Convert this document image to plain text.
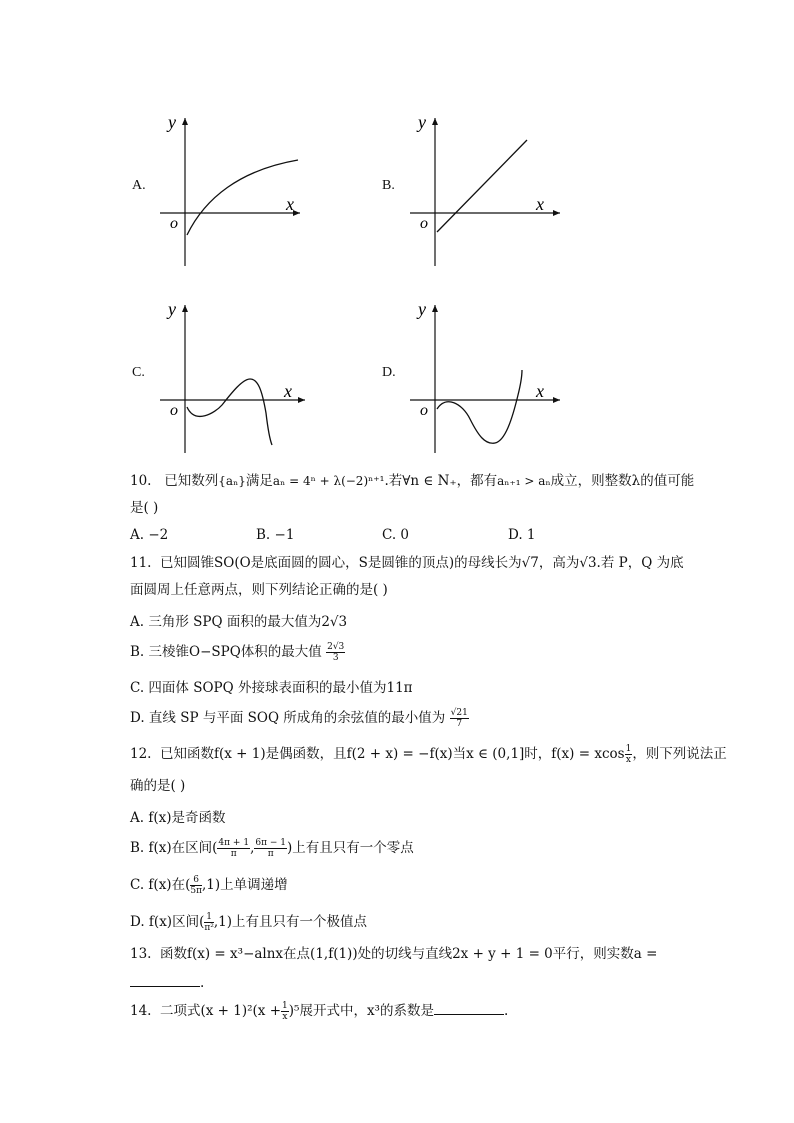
A.
y
x
o
B.
y
x
o
C.
y
x
o
D.
y
x
o
10. 已知数列{aₙ}满足aₙ = 4ⁿ + λ(−2)ⁿ⁺¹.若∀n ∈ N₊，都有aₙ₊₁ > aₙ成立，则整数λ的值可能
是( )
A. −2	B. −1	C. 0	D. 1
11. 已知圆锥SO(O是底面圆的圆心，S是圆锥的顶点)的母线长为√7，高为√3.若 P，Q 为底
面圆周上任意两点，则下列结论正确的是( )
A. 三角形 SPQ 面积的最大值为2√3
B. 三棱锥O−SPQ体积的最大值 $\frac{2√3}{3}$
C. 四面体 SOPQ 外接球表面积的最小值为11π
D. 直线 SP 与平面 SOQ 所成角的余弦值的最小值为 $\frac{√21}{7}$
12. 已知函数f(x + 1)是偶函数，且f(2 + x) = −f(x)当x ∈ (0,1]时，f(x) = xcos $\frac{1}{x}$ ，则下列说法正
确的是( )
A. f(x)是奇函数
B. f(x)在区间( $\frac{4\pi + 1}{\pi}$ , $\frac{6\pi - 1}{\pi}$ )上有且只有一个零点
C. f(x)在( $\frac{6}{5\pi} ,1$)上单调递增
D. f(x)区间( $\frac{1}{\text{π²}} ,1$)上有且只有一个极值点
13. 函数f(x) = x³−alnx在点(1,f(1))处的切线与直线2x + y + 1 = 0平行，则实数a =
.
14. 二项式$(x + 1)^2(x + \frac{1}{x} )^5$展开式中，x³的系数是	.
